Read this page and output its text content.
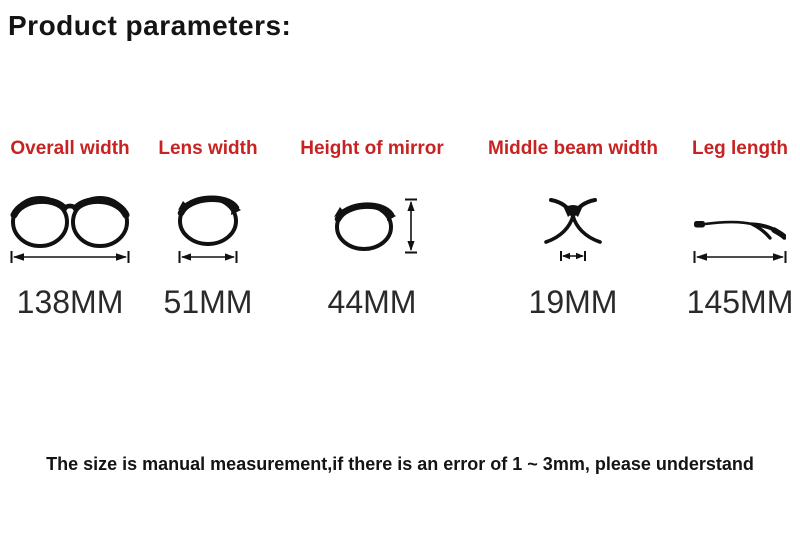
Product parameters:
Overall width
138MM
Lens width
51MM
Height of mirror
44MM
Middle beam width
19MM
Leg length
145MM
The size is manual measurement,if there is an error of 1 ~ 3mm, please understand
